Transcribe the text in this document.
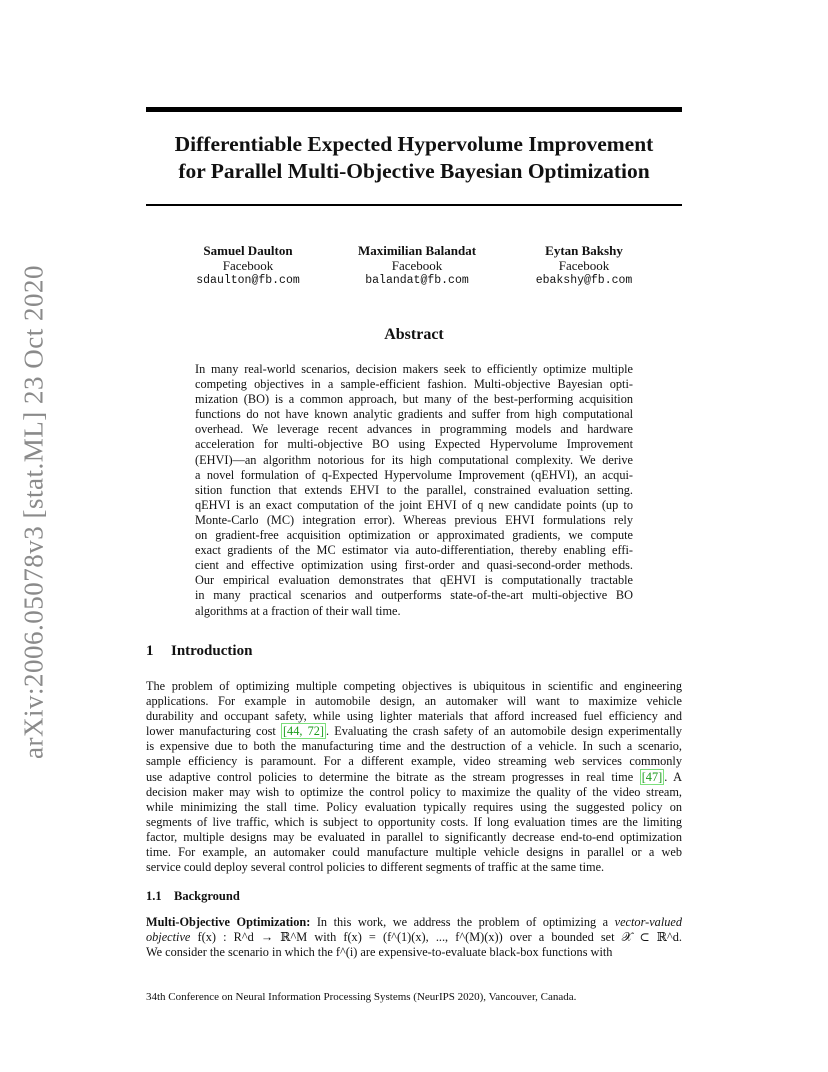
arXiv:2006.05078v3 [stat.ML] 23 Oct 2020
Differentiable Expected Hypervolume Improvement
for Parallel Multi-Objective Bayesian Optimization
Samuel Daulton
Facebook
sdaulton@fb.com
Maximilian Balandat
Facebook
balandat@fb.com
Eytan Bakshy
Facebook
ebakshy@fb.com
Abstract
In many real-world scenarios, decision makers seek to efficiently optimize multiple
competing objectives in a sample-efficient fashion. Multi-objective Bayesian opti-
mization (BO) is a common approach, but many of the best-performing acquisition
functions do not have known analytic gradients and suffer from high computational
overhead. We leverage recent advances in programming models and hardware
acceleration for multi-objective BO using Expected Hypervolume Improvement
(EHVI)—an algorithm notorious for its high computational complexity. We derive
a novel formulation of q-Expected Hypervolume Improvement (qEHVI), an acqui-
sition function that extends EHVI to the parallel, constrained evaluation setting.
qEHVI is an exact computation of the joint EHVI of q new candidate points (up to
Monte-Carlo (MC) integration error). Whereas previous EHVI formulations rely
on gradient-free acquisition optimization or approximated gradients, we compute
exact gradients of the MC estimator via auto-differentiation, thereby enabling effi-
cient and effective optimization using first-order and quasi-second-order methods.
Our empirical evaluation demonstrates that qEHVI is computationally tractable
in many practical scenarios and outperforms state-of-the-art multi-objective BO
algorithms at a fraction of their wall time.
1 Introduction
The problem of optimizing multiple competing objectives is ubiquitous in scientific and engineering
applications. For example in automobile design, an automaker will want to maximize vehicle
durability and occupant safety, while using lighter materials that afford increased fuel efficiency and
lower manufacturing cost [44, 72] . Evaluating the crash safety of an automobile design experimentally
is expensive due to both the manufacturing time and the destruction of a vehicle. In such a scenario,
sample efficiency is paramount. For a different example, video streaming web services commonly
use adaptive control policies to determine the bitrate as the stream progresses in real time [47] . A
decision maker may wish to optimize the control policy to maximize the quality of the video stream,
while minimizing the stall time. Policy evaluation typically requires using the suggested policy on
segments of live traffic, which is subject to opportunity costs. If long evaluation times are the limiting
factor, multiple designs may be evaluated in parallel to significantly decrease end-to-end optimization
time. For example, an automaker could manufacture multiple vehicle designs in parallel or a web
service could deploy several control policies to different segments of traffic at the same time.
1.1 Background
Multi-Objective Optimization: In this work, we address the problem of optimizing a vector-valued
objective f(x) : R^d → ℝ^M with f(x) = (f^(1)(x), ..., f^(M)(x)) over a bounded set 𝒳 ⊂ ℝ^d.
We consider the scenario in which the f^(i) are expensive-to-evaluate black-box functions with
34th Conference on Neural Information Processing Systems (NeurIPS 2020), Vancouver, Canada.
